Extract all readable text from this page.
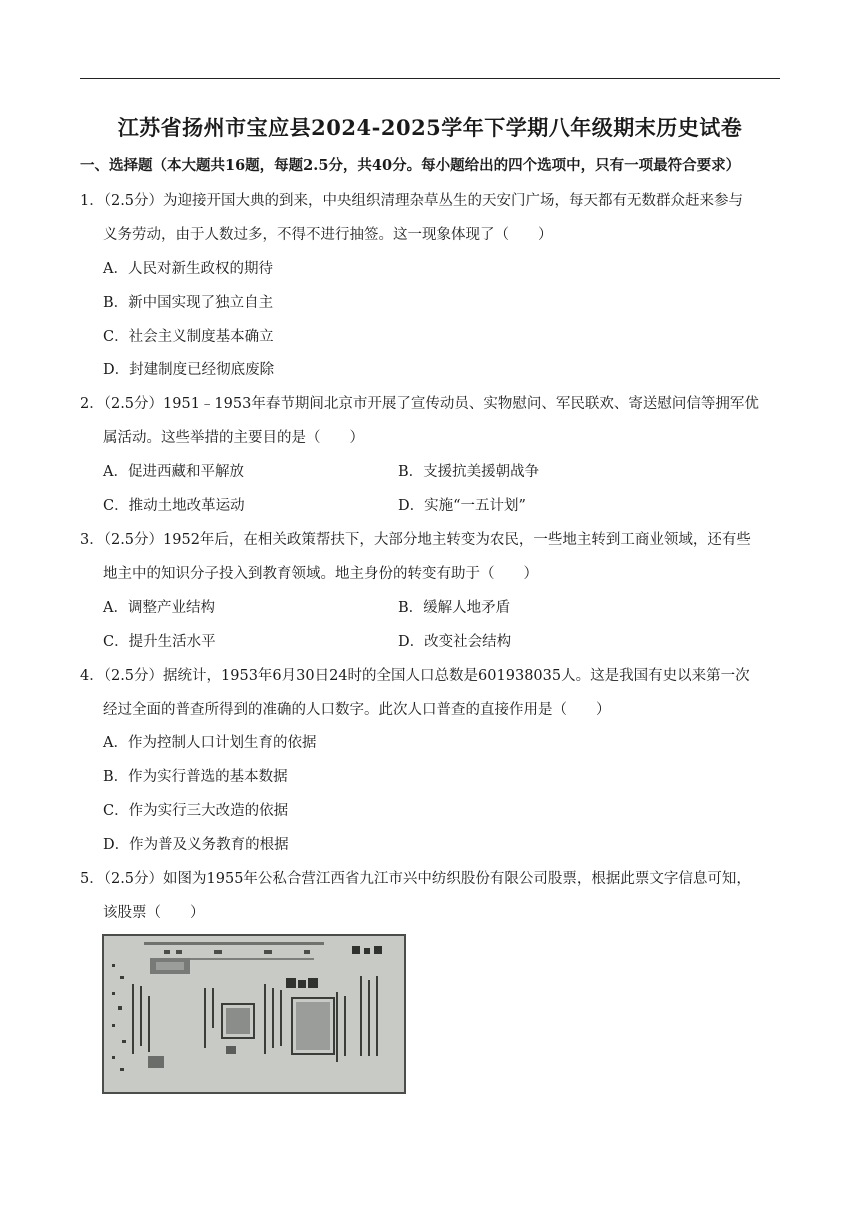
江苏省扬州市宝应县2024-2025学年下学期八年级期末历史试卷
一、选择题（本大题共16题，每题2.5分，共40分。每小题给出的四个选项中，只有一项最符合要求）
1．（2.5分）为迎接开国大典的到来，中央组织清理杂草丛生的天安门广场，每天都有无数群众赶来参与
义务劳动，由于人数过多，不得不进行抽签。这一现象体现了（　　）
A．人民对新生政权的期待
B．新中国实现了独立自主
C．社会主义制度基本确立
D．封建制度已经彻底废除
2．（2.5分）1951﹣1953年春节期间北京市开展了宣传动员、实物慰问、军民联欢、寄送慰问信等拥军优
属活动。这些举措的主要目的是（　　）
A．促进西藏和平解放	B．支援抗美援朝战争
C．推动土地改革运动	D．实施“一五计划”
3．（2.5分）1952年后，在相关政策帮扶下，大部分地主转变为农民，一些地主转到工商业领域，还有些
地主中的知识分子投入到教育领域。地主身份的转变有助于（　　）
A．调整产业结构	B．缓解人地矛盾
C．提升生活水平	D．改变社会结构
4．（2.5分）据统计，1953年6月30日24时的全国人口总数是601938035人。这是我国有史以来第一次
经过全面的普查所得到的准确的人口数字。此次人口普查的直接作用是（　　）
A．作为控制人口计划生育的依据
B．作为实行普选的基本数据
C．作为实行三大改造的依据
D．作为普及义务教育的根据
5．（2.5分）如图为1955年公私合营江西省九江市兴中纺织股份有限公司股票，根据此票文字信息可知，
该股票（　　）
